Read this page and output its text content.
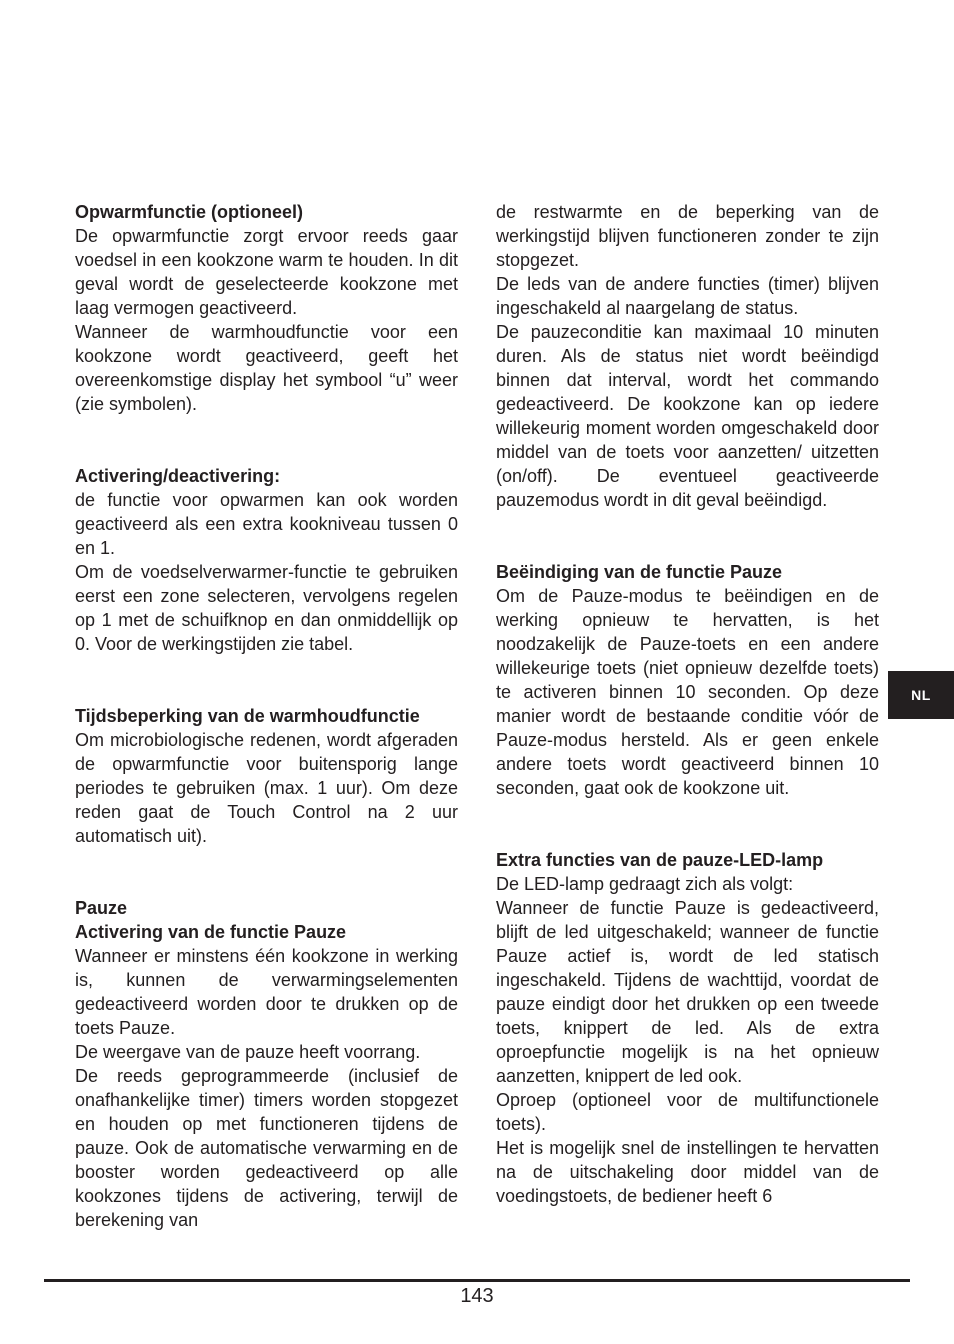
Opwarmfunctie (optioneel)

De opwarmfunctie zorgt ervoor reeds gaar voedsel in een kookzone warm te houden. In dit geval wordt de geselecteerde kookzone met laag vermogen geactiveerd.

Wanneer de warmhoudfunctie voor een kookzone wordt geactiveerd, geeft het overeenkomstige display het symbool “u” weer (zie symbolen).

Activering/deactivering:

de functie voor opwarmen kan ook worden geactiveerd als een extra kookniveau tussen 0 en 1.

Om de voedselverwarmer-functie te gebruiken eerst een zone selecteren, vervolgens regelen op 1 met de schuifknop en dan onmiddellijk op 0. Voor de werkingstijden zie tabel.

Tijdsbeperking van de warmhoudfunctie

Om microbiologische redenen, wordt afgeraden de opwarmfunctie voor buitensporig lange periodes te gebruiken (max. 1 uur). Om deze reden gaat de Touch Control na 2 uur automatisch uit).

Pauze
Activering van de functie Pauze

Wanneer er minstens één kookzone in werking is, kunnen de verwarmingselementen gedeactiveerd worden door te drukken op de toets Pauze.

De weergave van de pauze heeft voorrang.

De reeds geprogrammeerde (inclusief de onafhankelijke timer) timers worden stopgezet en houden op met functioneren tijdens de pauze. Ook de automatische verwarming en de booster worden gedeactiveerd op alle kookzones tijdens de activering, terwijl de berekening van

de restwarmte en de beperking van de werkingstijd blijven functioneren zonder te zijn stopgezet.

De leds van de andere functies (timer) blijven ingeschakeld al naargelang de status.

De pauzeconditie kan maximaal 10 minuten duren. Als de status niet wordt beëindigd binnen dat interval, wordt het commando gedeactiveerd. De kookzone kan op iedere willekeurig moment worden omgeschakeld door middel van de toets voor aanzetten/ uitzetten (on/off). De eventueel geactiveerde pauzemodus wordt in dit geval beëindigd.

Beëindiging van de functie Pauze

Om de Pauze-modus te beëindigen en de werking opnieuw te hervatten, is het noodzakelijk de Pauze-toets en een andere willekeurige toets (niet opnieuw dezelfde toets) te activeren binnen 10 seconden. Op deze manier wordt de bestaande conditie vóór de Pauze-modus hersteld. Als er geen enkele andere toets wordt geactiveerd binnen 10 seconden, gaat ook de kookzone uit.

Extra functies van de pauze-LED-lamp

De LED-lamp gedraagt zich als volgt:

Wanneer de functie Pauze is gedeactiveerd, blijft de led uitgeschakeld; wanneer de functie Pauze actief is, wordt de led statisch ingeschakeld. Tijdens de wachttijd, voordat de pauze eindigt door het drukken op een tweede toets, knippert de led. Als de extra oproepfunctie mogelijk is na het opnieuw aanzetten, knippert de led ook.

Oproep (optioneel voor de multifunctionele toets).

Het is mogelijk snel de instellingen te hervatten na de uitschakeling door middel van de voedingstoets, de bediener heeft 6

NL
143
